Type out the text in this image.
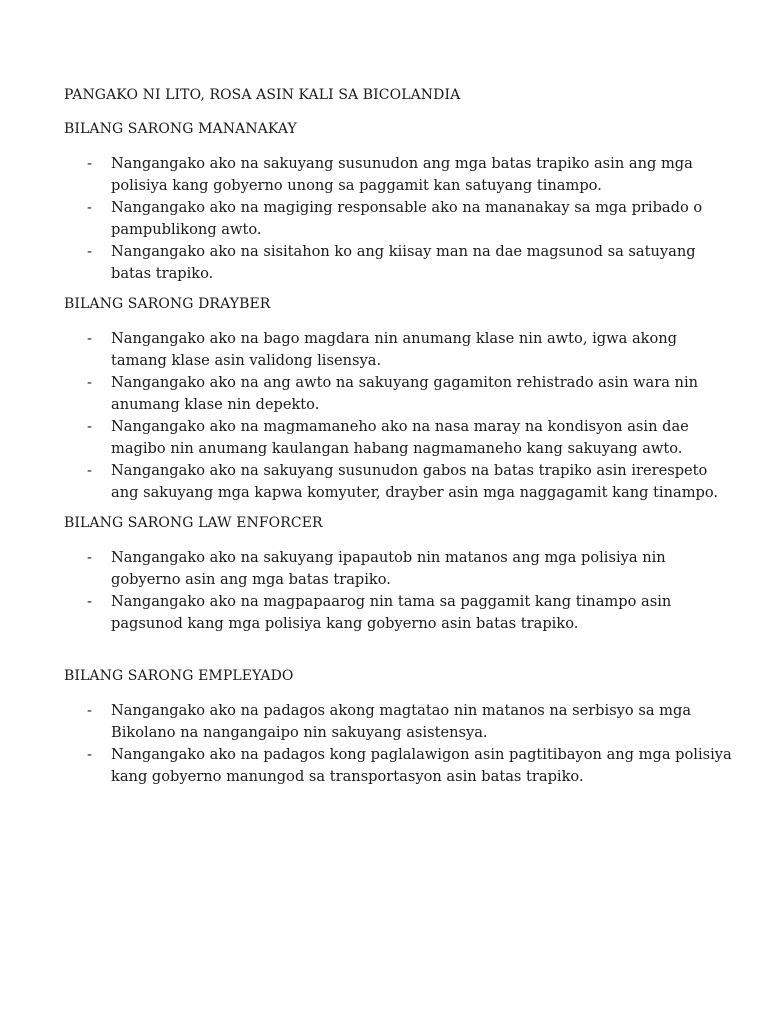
PANGAKO NI LITO, ROSA ASIN KALI SA BICOLANDIA
BILANG SARONG MANANAKAY
- Nangangako ako na sakuyang susunudon ang mga batas trapiko asin ang mga
polisiya kang gobyerno unong sa paggamit kan satuyang tinampo.
- Nangangako ako na magiging responsable ako na mananakay sa mga pribado o
pampublikong awto.
- Nangangako ako na sisitahon ko ang kiisay man na dae magsunod sa satuyang
batas trapiko.
BILANG SARONG DRAYBER
- Nangangako ako na bago magdara nin anumang klase nin awto, igwa akong
tamang klase asin validong lisensya.
- Nangangako ako na ang awto na sakuyang gagamiton rehistrado asin wara nin
anumang klase nin depekto.
- Nangangako ako na magmamaneho ako na nasa maray na kondisyon asin dae
magibo nin anumang kaulangan habang nagmamaneho kang sakuyang awto.
- Nangangako ako na sakuyang susunudon gabos na batas trapiko asin irerespeto
ang sakuyang mga kapwa komyuter, drayber asin mga naggagamit kang tinampo.
BILANG SARONG LAW ENFORCER
- Nangangako ako na sakuyang ipapautob nin matanos ang mga polisiya nin
gobyerno asin ang mga batas trapiko.
- Nangangako ako na magpapaarog nin tama sa paggamit kang tinampo asin
pagsunod kang mga polisiya kang gobyerno asin batas trapiko.
BILANG SARONG EMPLEYADO
- Nangangako ako na padagos akong magtatao nin matanos na serbisyo sa mga
Bikolano na nangangaipo nin sakuyang asistensya.
- Nangangako ako na padagos kong paglalawigon asin pagtitibayon ang mga polisiya
kang gobyerno manungod sa transportasyon asin batas trapiko.
